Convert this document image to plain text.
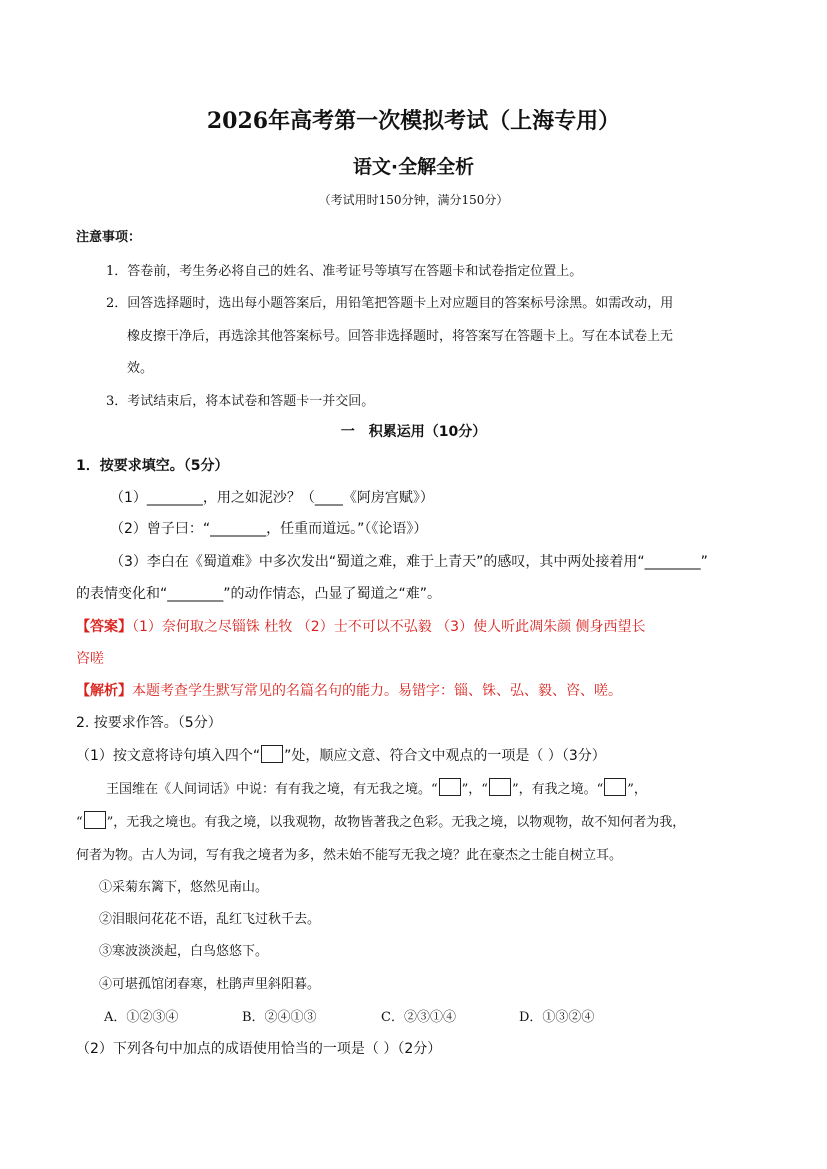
2026年高考第一次模拟考试（上海专用）
语文·全解全析
（考试用时150分钟，满分150分）
注意事项：
1．答卷前，考生务必将自己的姓名、准考证号等填写在答题卡和试卷指定位置上。
2．回答选择题时，选出每小题答案后，用铅笔把答题卡上对应题目的答案标号涂黑。如需改动，用
橡皮擦干净后，再选涂其他答案标号。回答非选择题时，将答案写在答题卡上。写在本试卷上无
效。
3．考试结束后，将本试卷和答题卡一并交回。
一　积累运用（10分）
1．按要求填空。（5分）
（1）________，用之如泥沙？（____《阿房宫赋》）
（2）曾子曰：“________，任重而道远。”（《论语》）
（3）李白在《蜀道难》中多次发出“蜀道之难，难于上青天”的感叹，其中两处接着用“________”
的表情变化和“________”的动作情态，凸显了蜀道之“难”。
【答案】（1）奈何取之尽锱铢 杜牧 （2）士不可以不弘毅 （3）使人听此凋朱颜 侧身西望长
咨嗟
【解析】本题考查学生默写常见的名篇名句的能力。易错字：锱、铢、弘、毅、咨、嗟。
2. 按要求作答。（5分）
（1）按文意将诗句填入四个“ ”处，顺应文意、符合文中观点的一项是（ ）（3分）
王国维在《人间词话》中说：有有我之境，有无我之境。“ ”，“ ”，有我之境。“ ”，
“ ”，无我之境也。有我之境，以我观物，故物皆著我之色彩。无我之境，以物观物，故不知何者为我，
何者为物。古人为词，写有我之境者为多，然未始不能写无我之境？此在豪杰之士能自树立耳。
①采菊东篱下，悠然见南山。
②泪眼问花花不语，乱红飞过秋千去。
③寒波淡淡起，白鸟悠悠下。
④可堪孤馆闭春寒，杜鹃声里斜阳暮。
A．①②③④	B．②④①③	C．②③①④	D．①③②④
（2）下列各句中加点的成语使用恰当的一项是（ ）（2分）
